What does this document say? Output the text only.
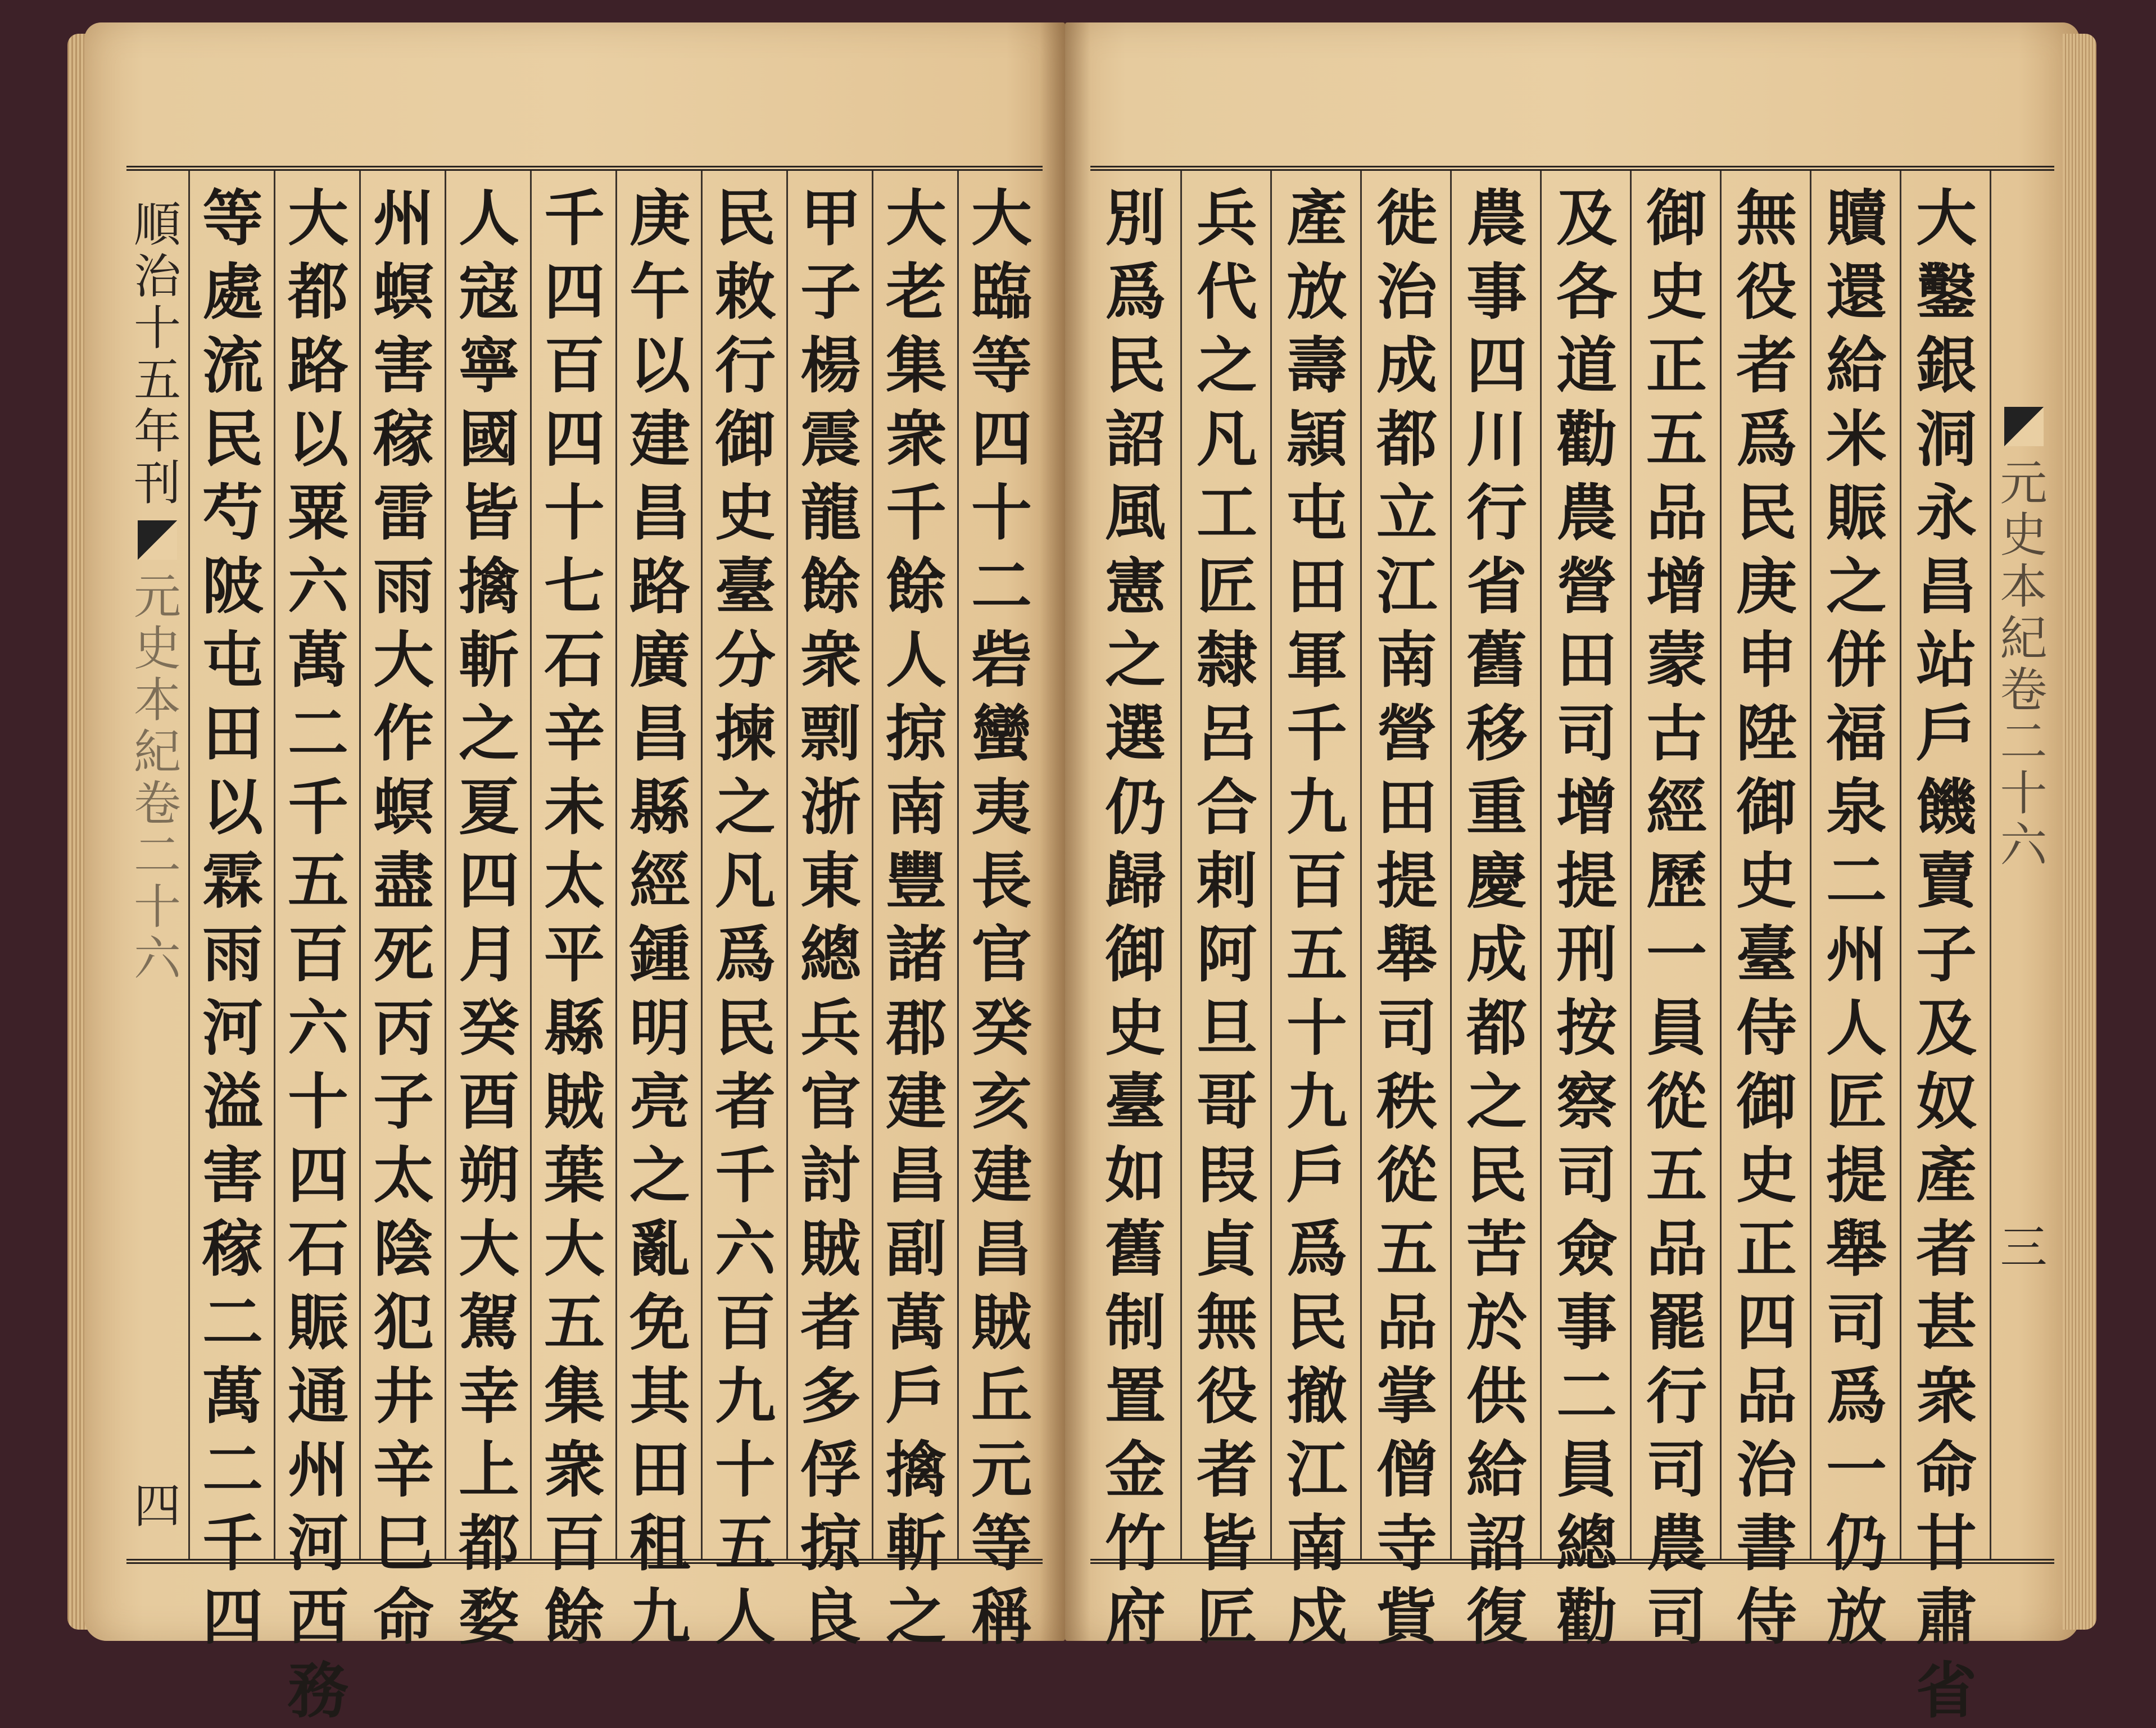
大
臨
等
四
十
二
砦
蠻
夷
長
官
癸
亥
建
昌
賊
丘
元
等
稱
大
老
集
衆
千
餘
人
掠
南
豐
諸
郡
建
昌
副
萬
戶
擒
斬
之
甲
子
楊
震
龍
餘
衆
剽
浙
東
總
兵
官
討
賊
者
多
俘
掠
良
民
敕
行
御
史
臺
分
揀
之
凡
爲
民
者
千
六
百
九
十
五
人
庚
午
以
建
昌
路
廣
昌
縣
經
鍾
明
亮
之
亂
免
其
田
租
九
千
四
百
四
十
七
石
辛
未
太
平
縣
賊
葉
大
五
集
衆
百
餘
人
寇
寧
國
皆
擒
斬
之
夏
四
月
癸
酉
朔
大
駕
幸
上
都
婺
州
螟
害
稼
雷
雨
大
作
螟
盡
死
丙
子
太
陰
犯
井
辛
巳
命
大
都
路
以
粟
六
萬
二
千
五
百
六
十
四
石
賑
通
州
河
西
務
等
處
流
民
芍
陂
屯
田
以
霖
雨
河
溢
害
稼
二
萬
二
千
四
順
治
十
五
年
刊
元
史
本
紀
卷
二
十
六
四
大
鑿
銀
洞
永
昌
站
戶
饑
賣
子
及
奴
產
者
甚
衆
命
甘
肅
省
贖
還
給
米
賑
之
併
福
泉
二
州
人
匠
提
舉
司
爲
一
仍
放
無
役
者
爲
民
庚
申
陞
御
史
臺
侍
御
史
正
四
品
治
書
侍
御
史
正
五
品
增
蒙
古
經
歷
一
員
從
五
品
罷
行
司
農
司
及
各
道
勸
農
營
田
司
增
提
刑
按
察
司
僉
事
二
員
總
勸
農
事
四
川
行
省
舊
移
重
慶
成
都
之
民
苦
於
供
給
詔
復
徙
治
成
都
立
江
南
營
田
提
舉
司
秩
從
五
品
掌
僧
寺
貲
產
放
壽
頴
屯
田
軍
千
九
百
五
十
九
戶
爲
民
撤
江
南
戍
兵
代
之
凡
工
匠
隸
呂
合
剌
阿
旦
哥
叚
貞
無
役
者
皆
匠
別
爲
民
詔
風
憲
之
選
仍
歸
御
史
臺
如
舊
制
置
金
竹
府
元
史
本
紀
卷
二
十
六
三
